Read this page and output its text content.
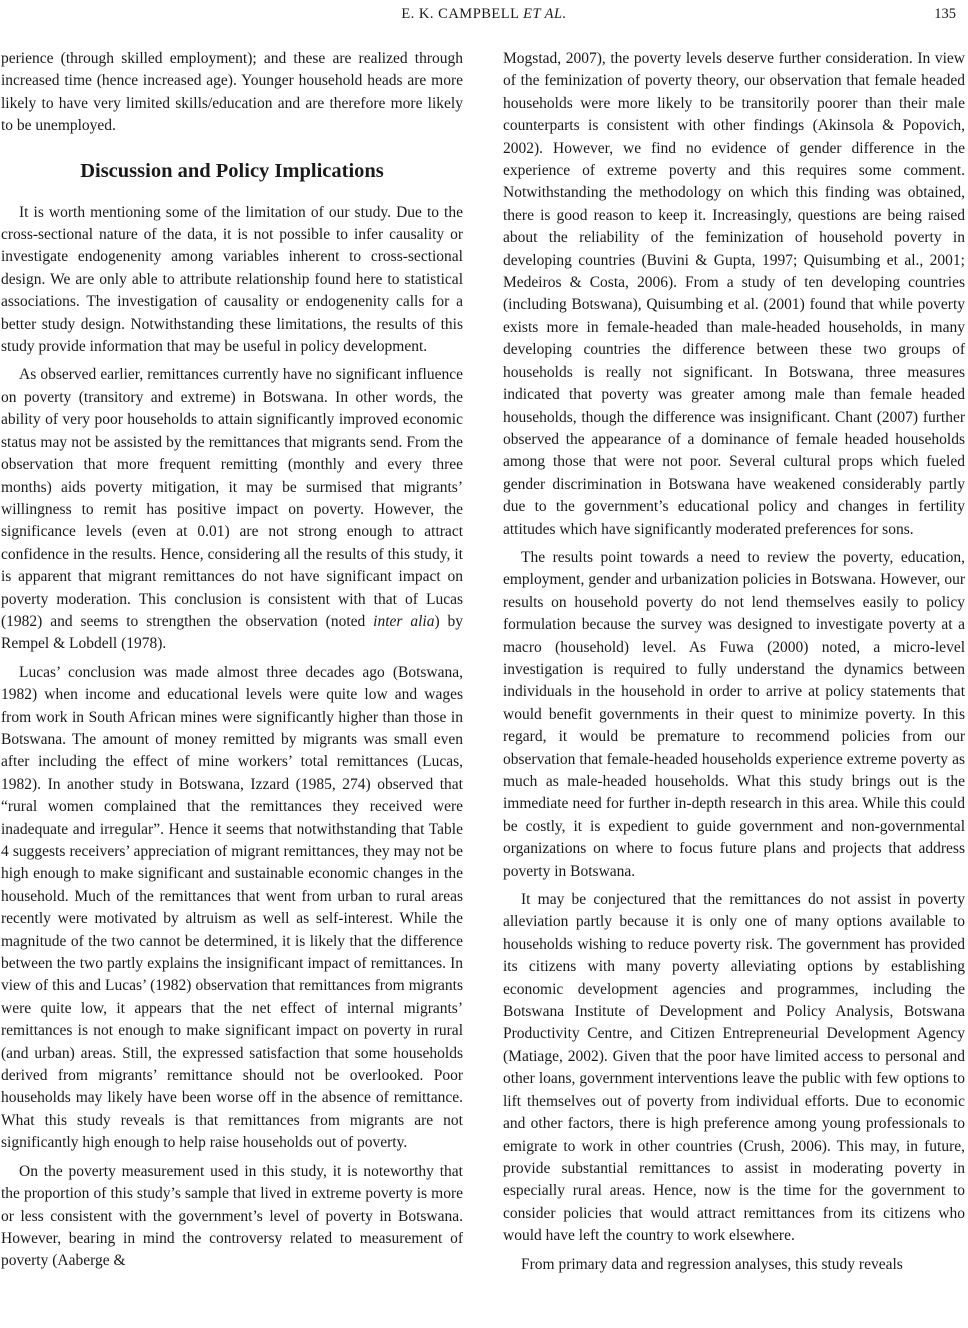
E. K. CAMPBELL ET AL.	135

perience (through skilled employment); and these are realized through increased time (hence increased age). Younger household heads are more likely to have very limited skills/education and are therefore more likely to be unemployed.

Discussion and Policy Implications

It is worth mentioning some of the limitation of our study. Due to the cross-sectional nature of the data, it is not possible to infer causality or investigate endogenenity among variables inherent to cross-sectional design. We are only able to attribute relationship found here to statistical associations. The investigation of causality or endogenenity calls for a better study design. Notwithstanding these limitations, the results of this study provide information that may be useful in policy development.

As observed earlier, remittances currently have no significant influence on poverty (transitory and extreme) in Botswana. In other words, the ability of very poor households to attain significantly improved economic status may not be assisted by the remittances that migrants send. From the observation that more frequent remitting (monthly and every three months) aids poverty mitigation, it may be surmised that migrants’ willingness to remit has positive impact on poverty. However, the significance levels (even at 0.01) are not strong enough to attract confidence in the results. Hence, considering all the results of this study, it is apparent that migrant remittances do not have significant impact on poverty moderation. This conclusion is consistent with that of Lucas (1982) and seems to strengthen the observation (noted inter alia) by Rempel & Lobdell (1978).

Lucas’ conclusion was made almost three decades ago (Botswana, 1982) when income and educational levels were quite low and wages from work in South African mines were significantly higher than those in Botswana. The amount of money remitted by migrants was small even after including the effect of mine workers’ total remittances (Lucas, 1982). In another study in Botswana, Izzard (1985, 274) observed that “rural women complained that the remittances they received were inadequate and irregular”. Hence it seems that notwithstanding that Table 4 suggests receivers’ appreciation of migrant remittances, they may not be high enough to make significant and sustainable economic changes in the household. Much of the remittances that went from urban to rural areas recently were motivated by altruism as well as self-interest. While the magnitude of the two cannot be determined, it is likely that the difference between the two partly explains the insignificant impact of remittances. In view of this and Lucas’ (1982) observation that remittances from migrants were quite low, it appears that the net effect of internal migrants’ remittances is not enough to make significant impact on poverty in rural (and urban) areas. Still, the expressed satisfaction that some households derived from migrants’ remittance should not be overlooked. Poor households may likely have been worse off in the absence of remittance. What this study reveals is that remittances from migrants are not significantly high enough to help raise households out of poverty.

On the poverty measurement used in this study, it is noteworthy that the proportion of this study’s sample that lived in extreme poverty is more or less consistent with the government’s level of poverty in Botswana. However, bearing in mind the controversy related to measurement of poverty (Aaberge &

Mogstad, 2007), the poverty levels deserve further consideration. In view of the feminization of poverty theory, our observation that female headed households were more likely to be transitorily poorer than their male counterparts is consistent with other findings (Akinsola & Popovich, 2002). However, we find no evidence of gender difference in the experience of extreme poverty and this requires some comment. Notwithstanding the methodology on which this finding was obtained, there is good reason to keep it. Increasingly, questions are being raised about the reliability of the feminization of household poverty in developing countries (Buvini & Gupta, 1997; Quisumbing et al., 2001; Medeiros & Costa, 2006). From a study of ten developing countries (including Botswana), Quisumbing et al. (2001) found that while poverty exists more in female-headed than male-headed households, in many developing countries the difference between these two groups of households is really not significant. In Botswana, three measures indicated that poverty was greater among male than female headed households, though the difference was insignificant. Chant (2007) further observed the appearance of a dominance of female headed households among those that were not poor. Several cultural props which fueled gender discrimination in Botswana have weakened considerably partly due to the government’s educational policy and changes in fertility attitudes which have significantly moderated preferences for sons.

The results point towards a need to review the poverty, education, employment, gender and urbanization policies in Botswana. However, our results on household poverty do not lend themselves easily to policy formulation because the survey was designed to investigate poverty at a macro (household) level. As Fuwa (2000) noted, a micro-level investigation is required to fully understand the dynamics between individuals in the household in order to arrive at policy statements that would benefit governments in their quest to minimize poverty. In this regard, it would be premature to recommend policies from our observation that female-headed households experience extreme poverty as much as male-headed households. What this study brings out is the immediate need for further in-depth research in this area. While this could be costly, it is expedient to guide government and non-governmental organizations on where to focus future plans and projects that address poverty in Botswana.

It may be conjectured that the remittances do not assist in poverty alleviation partly because it is only one of many options available to households wishing to reduce poverty risk. The government has provided its citizens with many poverty alleviating options by establishing economic development agencies and programmes, including the Botswana Institute of Development and Policy Analysis, Botswana Productivity Centre, and Citizen Entrepreneurial Development Agency (Matiage, 2002). Given that the poor have limited access to personal and other loans, government interventions leave the public with few options to lift themselves out of poverty from individual efforts. Due to economic and other factors, there is high preference among young professionals to emigrate to work in other countries (Crush, 2006). This may, in future, provide substantial remittances to assist in moderating poverty in especially rural areas. Hence, now is the time for the government to consider policies that would attract remittances from its citizens who would have left the country to work elsewhere.

From primary data and regression analyses, this study reveals
